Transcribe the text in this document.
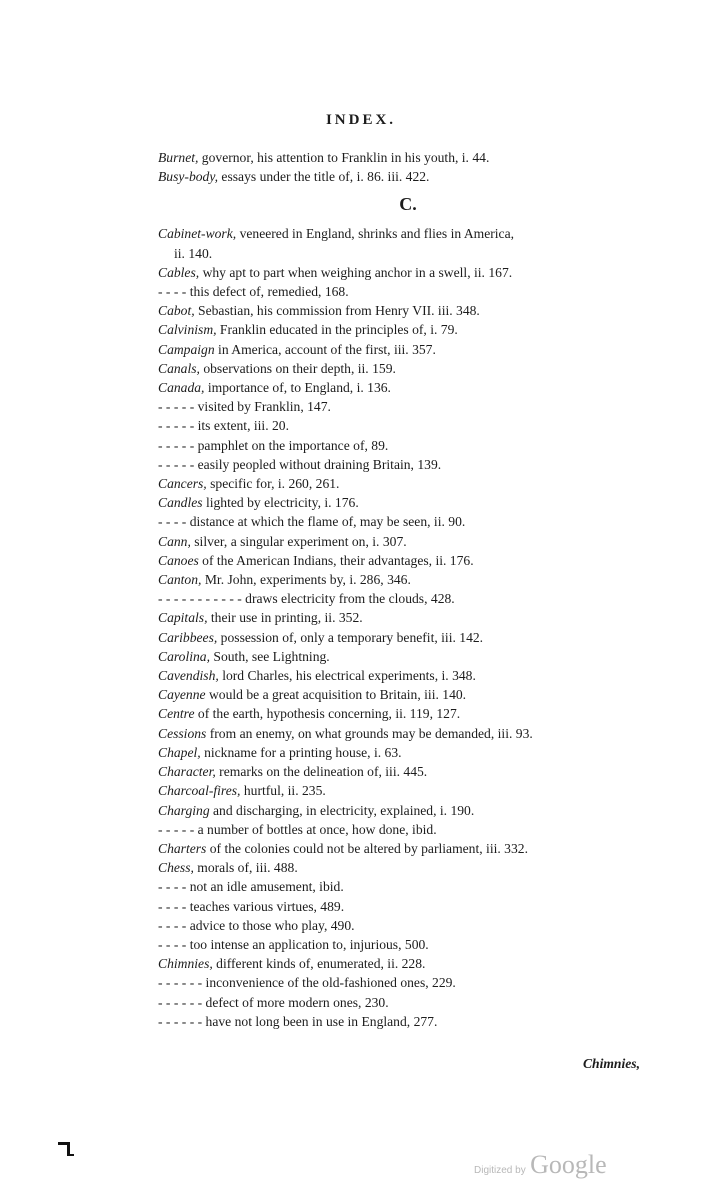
INDEX.
Burnet, governor, his attention to Franklin in his youth, i. 44.
Busy-body, essays under the title of, i. 86. iii. 422.
C.
Cabinet-work, veneered in England, shrinks and flies in America,
ii. 140.
Cables, why apt to part when weighing anchor in a swell, ii. 167.
- - - - this defect of, remedied, 168.
Cabot, Sebastian, his commission from Henry VII. iii. 348.
Calvinism, Franklin educated in the principles of, i. 79.
Campaign in America, account of the first, iii. 357.
Canals, observations on their depth, ii. 159.
Canada, importance of, to England, i. 136.
- - - - - visited by Franklin, 147.
- - - - - its extent, iii. 20.
- - - - - pamphlet on the importance of, 89.
- - - - - easily peopled without draining Britain, 139.
Cancers, specific for, i. 260, 261.
Candles lighted by electricity, i. 176.
- - - - distance at which the flame of, may be seen, ii. 90.
Cann, silver, a singular experiment on, i. 307.
Canoes of the American Indians, their advantages, ii. 176.
Canton, Mr. John, experiments by, i. 286, 346.
- - - - - - - - - - - draws electricity from the clouds, 428.
Capitals, their use in printing, ii. 352.
Caribbees, possession of, only a temporary benefit, iii. 142.
Carolina, South, see Lightning.
Cavendish, lord Charles, his electrical experiments, i. 348.
Cayenne would be a great acquisition to Britain, iii. 140.
Centre of the earth, hypothesis concerning, ii. 119, 127.
Cessions from an enemy, on what grounds may be demanded, iii. 93.
Chapel, nickname for a printing house, i. 63.
Character, remarks on the delineation of, iii. 445.
Charcoal-fires, hurtful, ii. 235.
Charging and discharging, in electricity, explained, i. 190.
- - - - - a number of bottles at once, how done, ibid.
Charters of the colonies could not be altered by parliament, iii. 332.
Chess, morals of, iii. 488.
- - - - not an idle amusement, ibid.
- - - - teaches various virtues, 489.
- - - - advice to those who play, 490.
- - - - too intense an application to, injurious, 500.
Chimnies, different kinds of, enumerated, ii. 228.
- - - - - - inconvenience of the old-fashioned ones, 229.
- - - - - - defect of more modern ones, 230.
- - - - - - have not long been in use in England, 277.
Chimnies,
Digitized by Google
